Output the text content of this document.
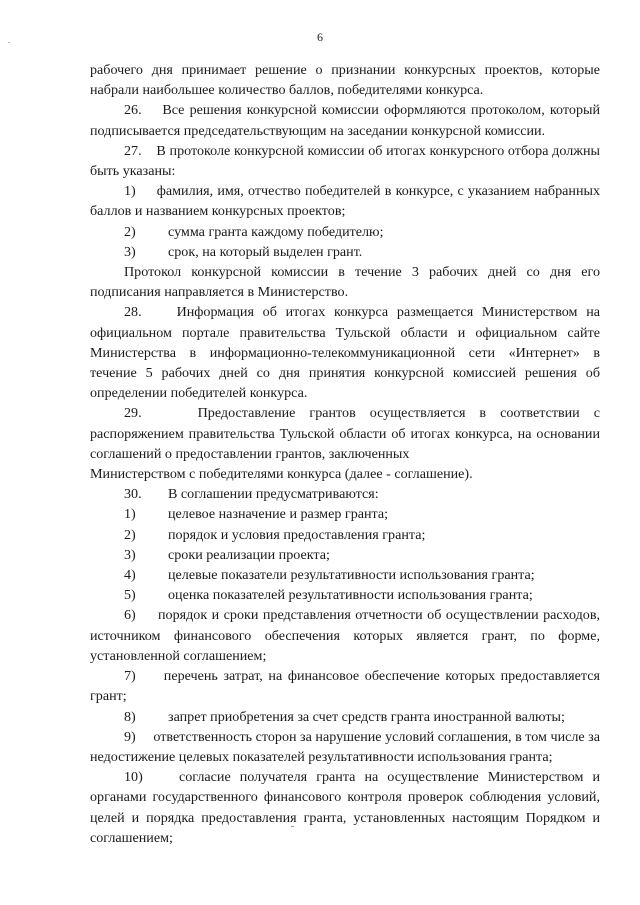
6

рабочего дня принимает решение о признании конкурсных проектов, которые набрали наибольшее количество баллов, победителями конкурса.

26.    Все решения конкурсной комиссии оформляются протоколом, который подписывается председательствующим на заседании конкурсной комиссии.

27.    В протоколе конкурсной комиссии об итогах конкурсного отбора должны быть указаны:

1)     фамилия, имя, отчество победителей в конкурсе, с указанием набранных баллов и названием конкурсных проектов;

2)	сумма гранта каждому победителю;
3)	срок, на который выделен грант.

Протокол конкурсной комиссии в течение 3 рабочих дней со дня его подписания направляется в Министерство.

28.    Информация об итогах конкурса размещается Министерством на официальном портале правительства Тульской области и официальном сайте Министерства в информационно-телекоммуникационной сети «Интернет» в течение 5 рабочих дней со дня принятия конкурсной комиссией решения об определении победителей конкурса.

29.    Предоставление грантов осуществляется в соответствии с распоряжением правительства Тульской области об итогах конкурса, на основании соглашений о предоставлении грантов, заключенных

Министерством с победителями конкурса (далее - соглашение).

30.	В соглашении предусматриваются:
1)	целевое назначение и размер гранта;
2)	порядок и условия предоставления гранта;
3)	сроки реализации проекта;
4)	целевые показатели результативности использования гранта;
5)	оценка показателей результативности использования гранта;

6)     порядок и сроки представления отчетности об осуществлении расходов, источником финансового обеспечения которых является грант, по форме, установленной соглашением;

7)     перечень затрат, на финансовое обеспечение которых предоставляется грант;

8)	запрет приобретения за счет средств гранта иностранной валюты;

9)     ответственность сторон за нарушение условий соглашения, в том числе за недостижение целевых показателей результативности использования гранта;

10)    согласие получателя гранта на осуществление Министерством и органами государственного финансового контроля проверок соблюдения условий, целей и порядка предоставления гранта, установленных настоящим Порядком и соглашением;
